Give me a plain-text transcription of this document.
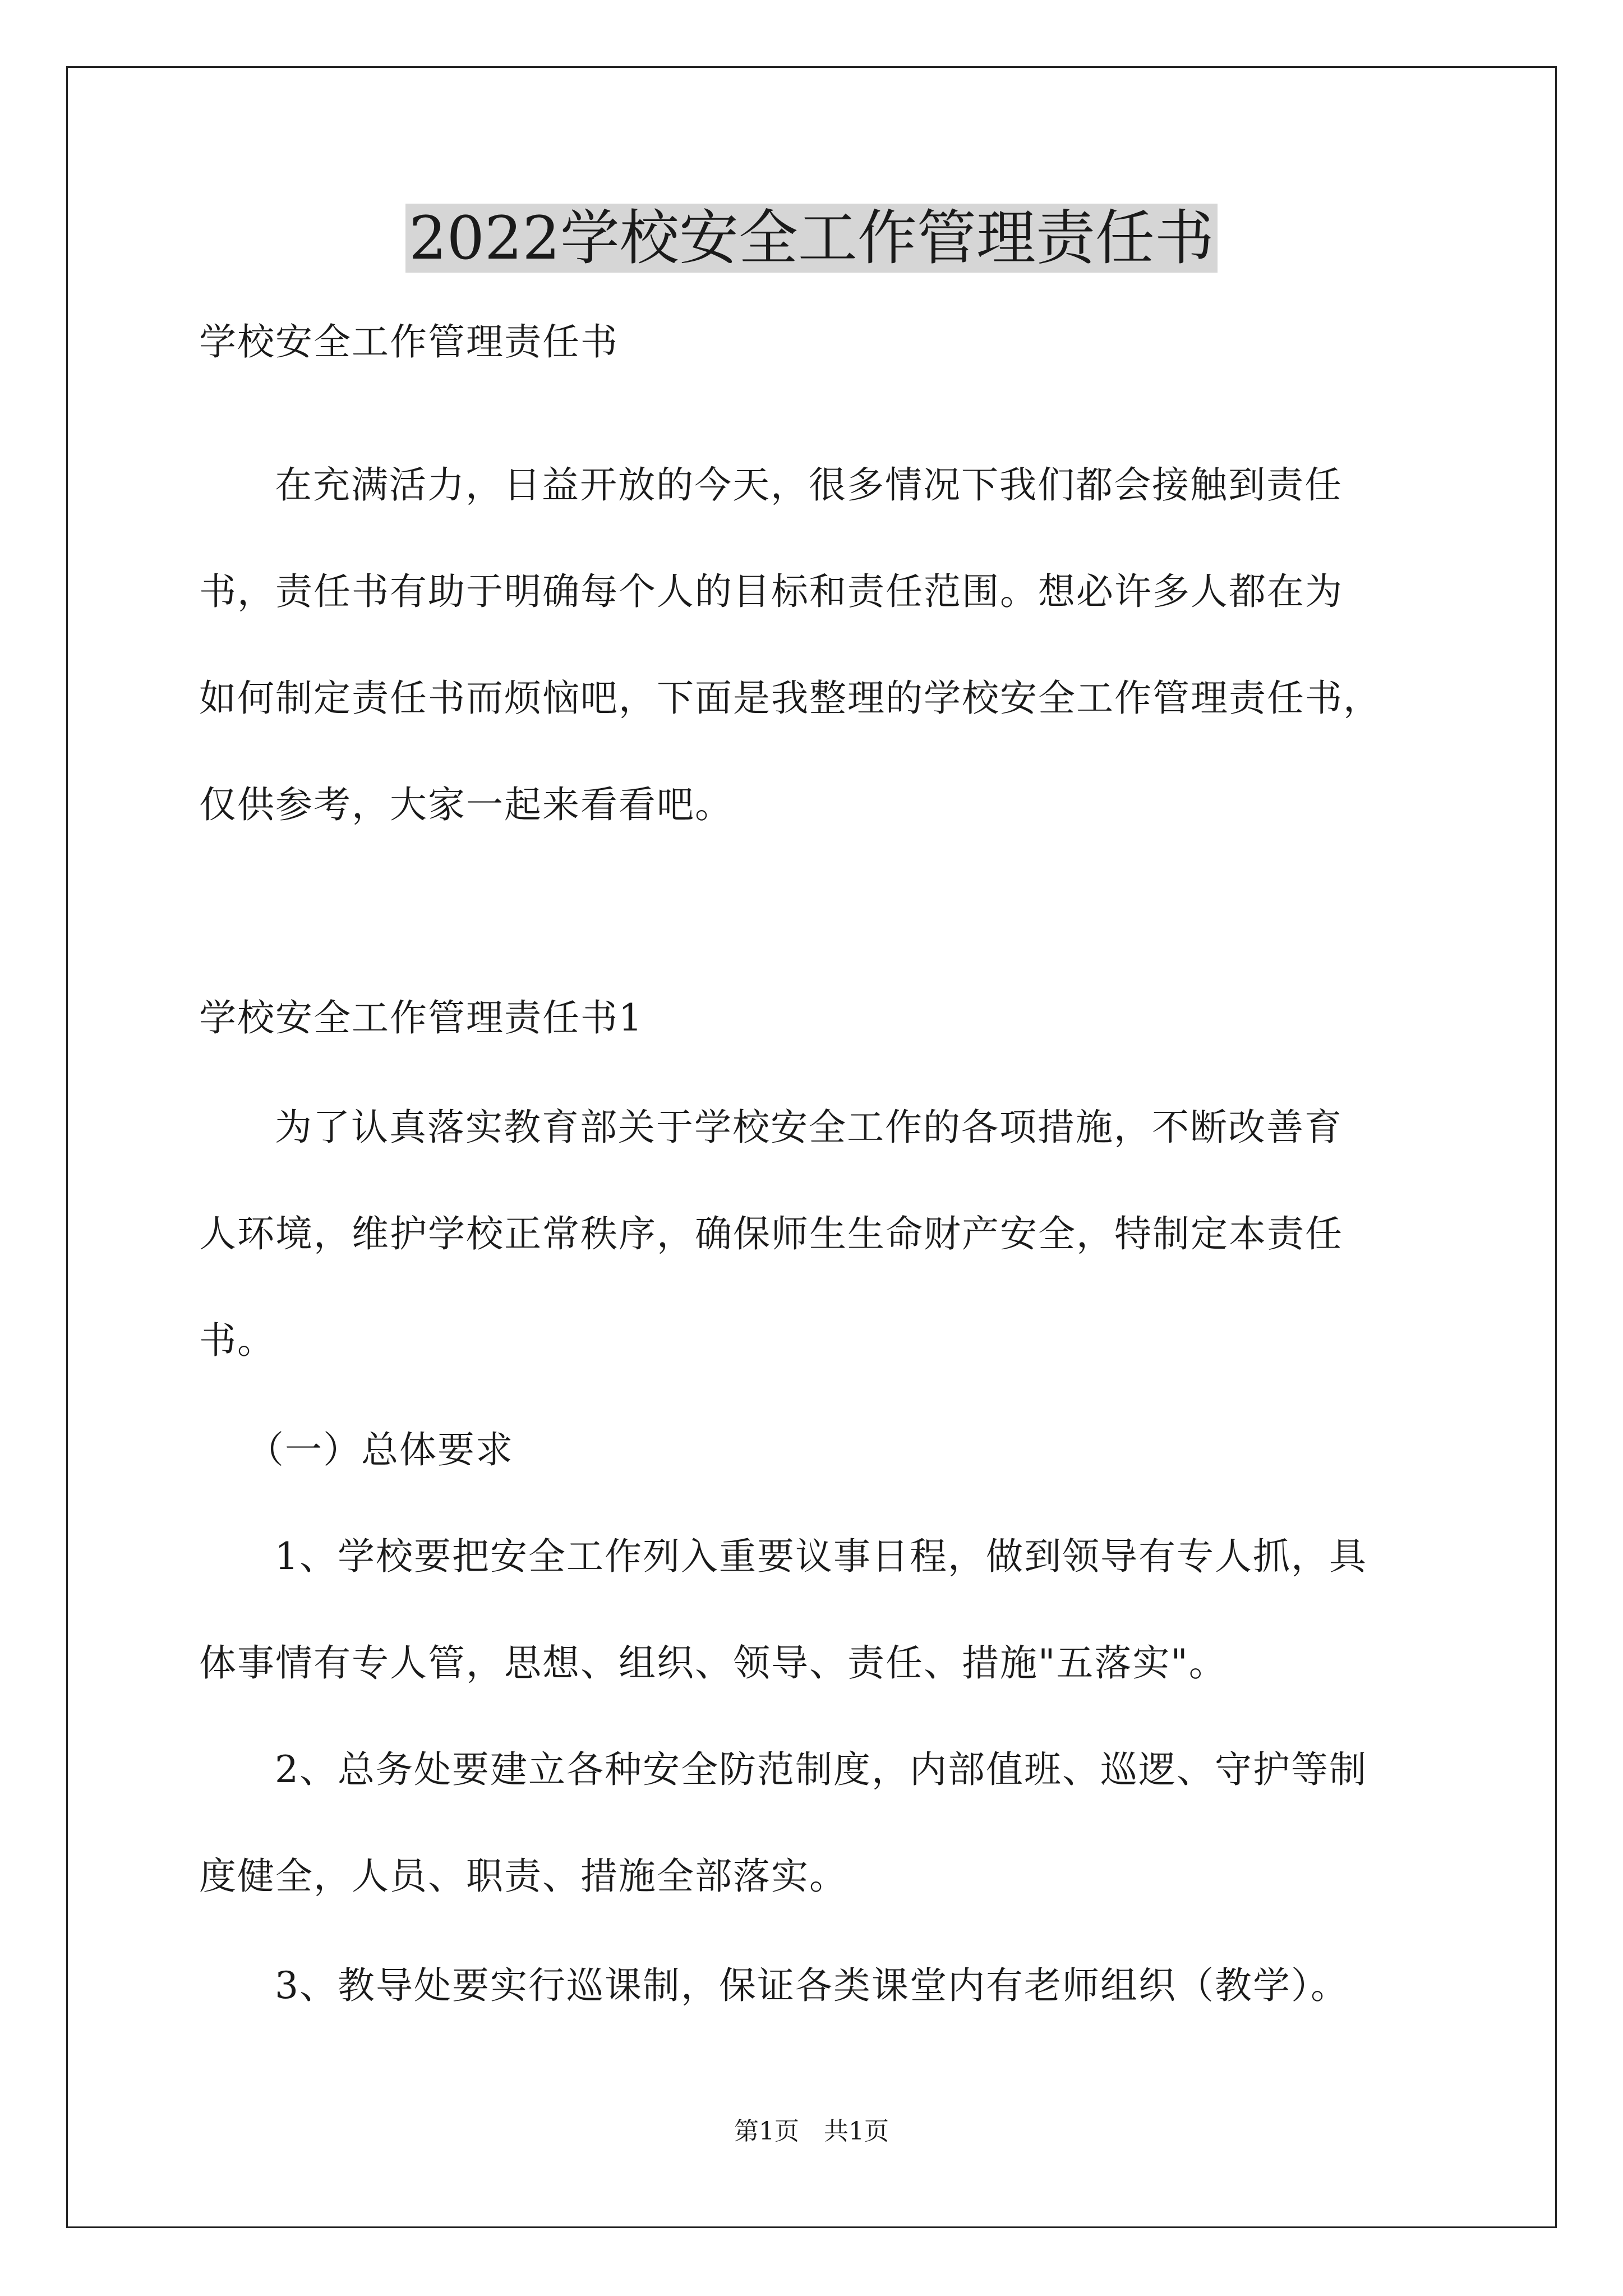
2022学校安全工作管理责任书
学校安全工作管理责任书
在充满活力，日益开放的今天，很多情况下我们都会接触到责任
书，责任书有助于明确每个人的目标和责任范围。想必许多人都在为
如何制定责任书而烦恼吧，下面是我整理的学校安全工作管理责任书，
仅供参考，大家一起来看看吧。
学校安全工作管理责任书1
为了认真落实教育部关于学校安全工作的各项措施，不断改善育
人环境，维护学校正常秩序，确保师生生命财产安全，特制定本责任
书。
（一）总体要求
1、学校要把安全工作列入重要议事日程，做到领导有专人抓，具
体事情有专人管，思想、组织、领导、责任、措施"五落实"。
2、总务处要建立各种安全防范制度，内部值班、巡逻、守护等制
度健全，人员、职责、措施全部落实。
3、教导处要实行巡课制，保证各类课堂内有老师组织（教学）。
第1页　共1页
